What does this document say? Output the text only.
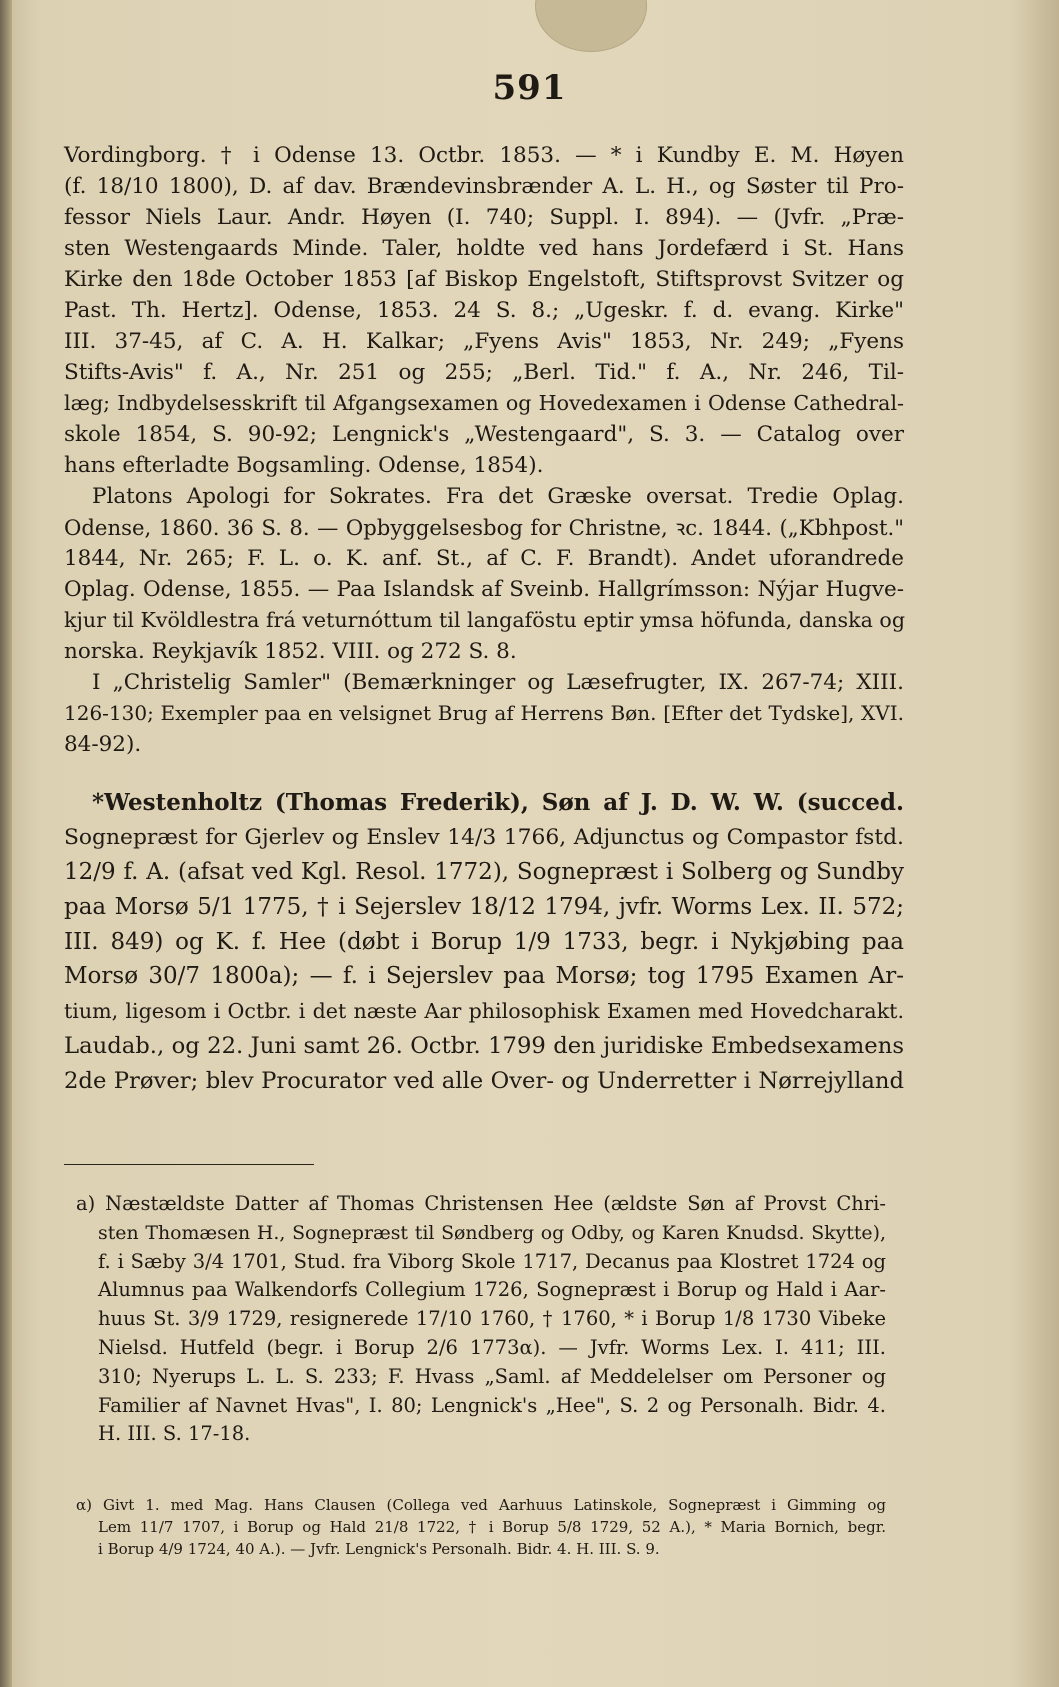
591
Vordingborg. † i Odense 13. Octbr. 1853. — * i Kundby E. M. Høyen
(f. 18/10 1800), D. af dav. Brændevinsbrænder A. L. H., og Søster til Pro-
fessor Niels Laur. Andr. Høyen (I. 740; Suppl. I. 894). — (Jvfr. „Præ-
sten Westengaards Minde. Taler, holdte ved hans Jordefærd i St. Hans
Kirke den 18de October 1853 [af Biskop Engelstoft, Stiftsprovst Svitzer og
Past. Th. Hertz]. Odense, 1853. 24 S. 8.; „Ugeskr. f. d. evang. Kirke"
III. 37-45, af C. A. H. Kalkar; „Fyens Avis" 1853, Nr. 249; „Fyens
Stifts-Avis" f. A., Nr. 251 og 255; „Berl. Tid." f. A., Nr. 246, Til-
læg; Indbydelsesskrift til Afgangsexamen og Hovedexamen i Odense Cathedral-
skole 1854, S. 90-92; Lengnick's „Westengaard", S. 3. — Catalog over
hans efterladte Bogsamling. Odense, 1854).
Platons Apologi for Sokrates. Fra det Græske oversat. Tredie Oplag.
Odense, 1860. 36 S. 8. — Opbyggelsesbog for Christne, ꝛc. 1844. („Kbhpost."
1844, Nr. 265; F. L. o. K. anf. St., af C. F. Brandt). Andet uforandrede
Oplag. Odense, 1855. — Paa Islandsk af Sveinb. Hallgrímsson: Nýjar Hugve-
kjur til Kvöldlestra frá veturnóttum til langaföstu eptir ymsa höfunda, danska og
norska. Reykjavík 1852. VIII. og 272 S. 8.
I „Christelig Samler" (Bemærkninger og Læsefrugter, IX. 267-74; XIII.
126-130; Exempler paa en velsignet Brug af Herrens Bøn. [Efter det Tydske], XVI.
84-92).
*Westenholtz (Thomas Frederik), Søn af J. D. W. W. (succed.
Sognepræst for Gjerlev og Enslev 14/3 1766, Adjunctus og Compastor fstd.
12/9 f. A. (afsat ved Kgl. Resol. 1772), Sognepræst i Solberg og Sundby
paa Morsø 5/1 1775, † i Sejerslev 18/12 1794, jvfr. Worms Lex. II. 572;
III. 849) og K. f. Hee (døbt i Borup 1/9 1733, begr. i Nykjøbing paa
Morsø 30/7 1800a); — f. i Sejerslev paa Morsø; tog 1795 Examen Ar-
tium, ligesom i Octbr. i det næste Aar philosophisk Examen med Hovedcharakt.
Laudab., og 22. Juni samt 26. Octbr. 1799 den juridiske Embedsexamens
2de Prøver; blev Procurator ved alle Over- og Underretter i Nørrejylland
a) Næstældste Datter af Thomas Christensen Hee (ældste Søn af Provst Chri-
sten Thomæsen H., Sognepræst til Søndberg og Odby, og Karen Knudsd. Skytte),
f. i Sæby 3/4 1701, Stud. fra Viborg Skole 1717, Decanus paa Klostret 1724 og
Alumnus paa Walkendorfs Collegium 1726, Sognepræst i Borup og Hald i Aar-
huus St. 3/9 1729, resignerede 17/10 1760, † 1760, * i Borup 1/8 1730 Vibeke
Nielsd. Hutfeld (begr. i Borup 2/6 1773α). — Jvfr. Worms Lex. I. 411; III.
310; Nyerups L. L. S. 233; F. Hvass „Saml. af Meddelelser om Personer og
Familier af Navnet Hvas", I. 80; Lengnick's „Hee", S. 2 og Personalh. Bidr. 4.
H. III. S. 17-18.
α) Givt 1. med Mag. Hans Clausen (Collega ved Aarhuus Latinskole, Sognepræst i Gimming og
Lem 11/7 1707, i Borup og Hald 21/8 1722, † i Borup 5/8 1729, 52 A.), * Maria Bornich, begr.
i Borup 4/9 1724, 40 A.). — Jvfr. Lengnick's Personalh. Bidr. 4. H. III. S. 9.
